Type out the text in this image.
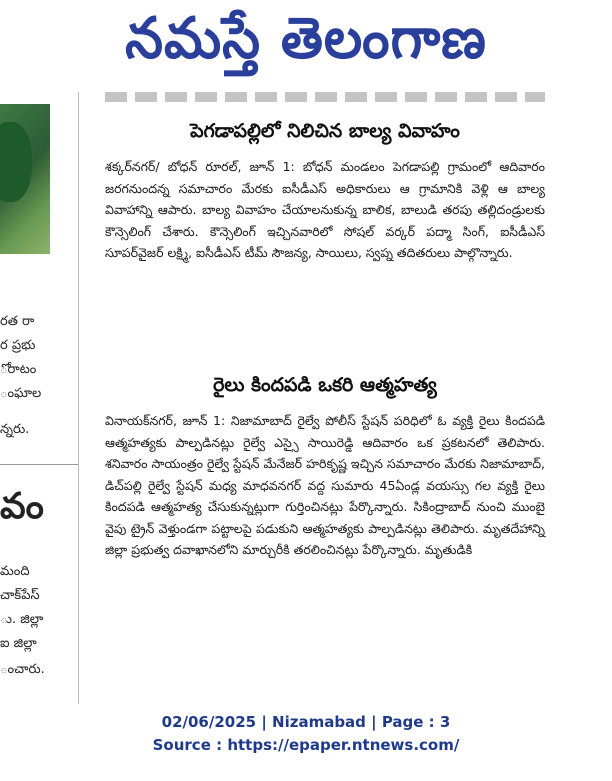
నమస్తే తెలంగాణ
రత రా
ర ప్రభు
ోరాటం
ంఘాల
న్నరు.
వం
మంది
చాక్‌పేస్
ు. జిల్లా
ఐ జిల్లా
ంచారు.
పెగడాపల్లిలో నిలిచిన బాల్య వివాహం
శక్కర్‌నగర్/ బోధన్ రూరల్, జూన్ 1: బోధన్ మండలం పెగడాపల్లి గ్రామంలో ఆదివారం జరగనుందన్న సమాచారం మేరకు ఐసీడీఎస్ అధికారులు ఆ గ్రామానికి వెళ్లి ఆ బాల్య వివాహాన్ని ఆపారు. బాల్య వివాహం చేయాలనుకున్న బాలిక, బాలుడి తరపు తల్లిదండ్రులకు కౌన్సెలింగ్ చేశారు. కౌన్సెలింగ్ ఇచ్చినవారిలో సోషల్ వర్కర్ పద్మా సింగ్, ఐసీడీఎస్ సూపర్‌వైజర్ లక్ష్మి, ఐసీడీఎస్ టీమ్ సౌజన్య, సాయిలు, స్వప్న తదితరులు పాల్గొన్నారు.
రైలు కిందపడి ఒకరి ఆత్మహత్య
వినాయక్‌నగర్, జూన్ 1: నిజామాబాద్ రైల్వే పోలీస్ స్టేషన్ పరిధిలో ఓ వ్యక్తి రైలు కిందపడి ఆత్మహత్యకు పాల్పడినట్లు రైల్వే ఎస్సై సాయిరెడ్డి ఆదివారం ఒక ప్రకటనలో తెలిపారు. శనివారం సాయంత్రం రైల్వే స్టేషన్ మేనేజర్ హరికృష్ణ ఇచ్చిన సమాచారం మేరకు నిజామాబాద్, డిచ్‌పల్లి రైల్వే స్టేషన్ మధ్య మాధవనగర్ వద్ద సుమారు 45ఏండ్ల వయస్సు గల వ్యక్తి రైలు కిందపడి ఆత్మహత్య చేసుకున్నట్లుగా గుర్తించినట్లు పేర్కొన్నారు. సికింద్రాబాద్ నుంచి ముంబై వైపు ట్రైన్ వెళ్తుండగా పట్టాలపై పడుకుని ఆత్మహత్యకు పాల్పడినట్లు తెలిపారు. మృతదేహాన్ని జిల్లా ప్రభుత్వ దవాఖానలోని మార్చురీకి తరలించినట్లు పేర్కొన్నారు. మృతుడికి
02/06/2025 | Nizamabad | Page : 3
Source : https://epaper.ntnews.com/
